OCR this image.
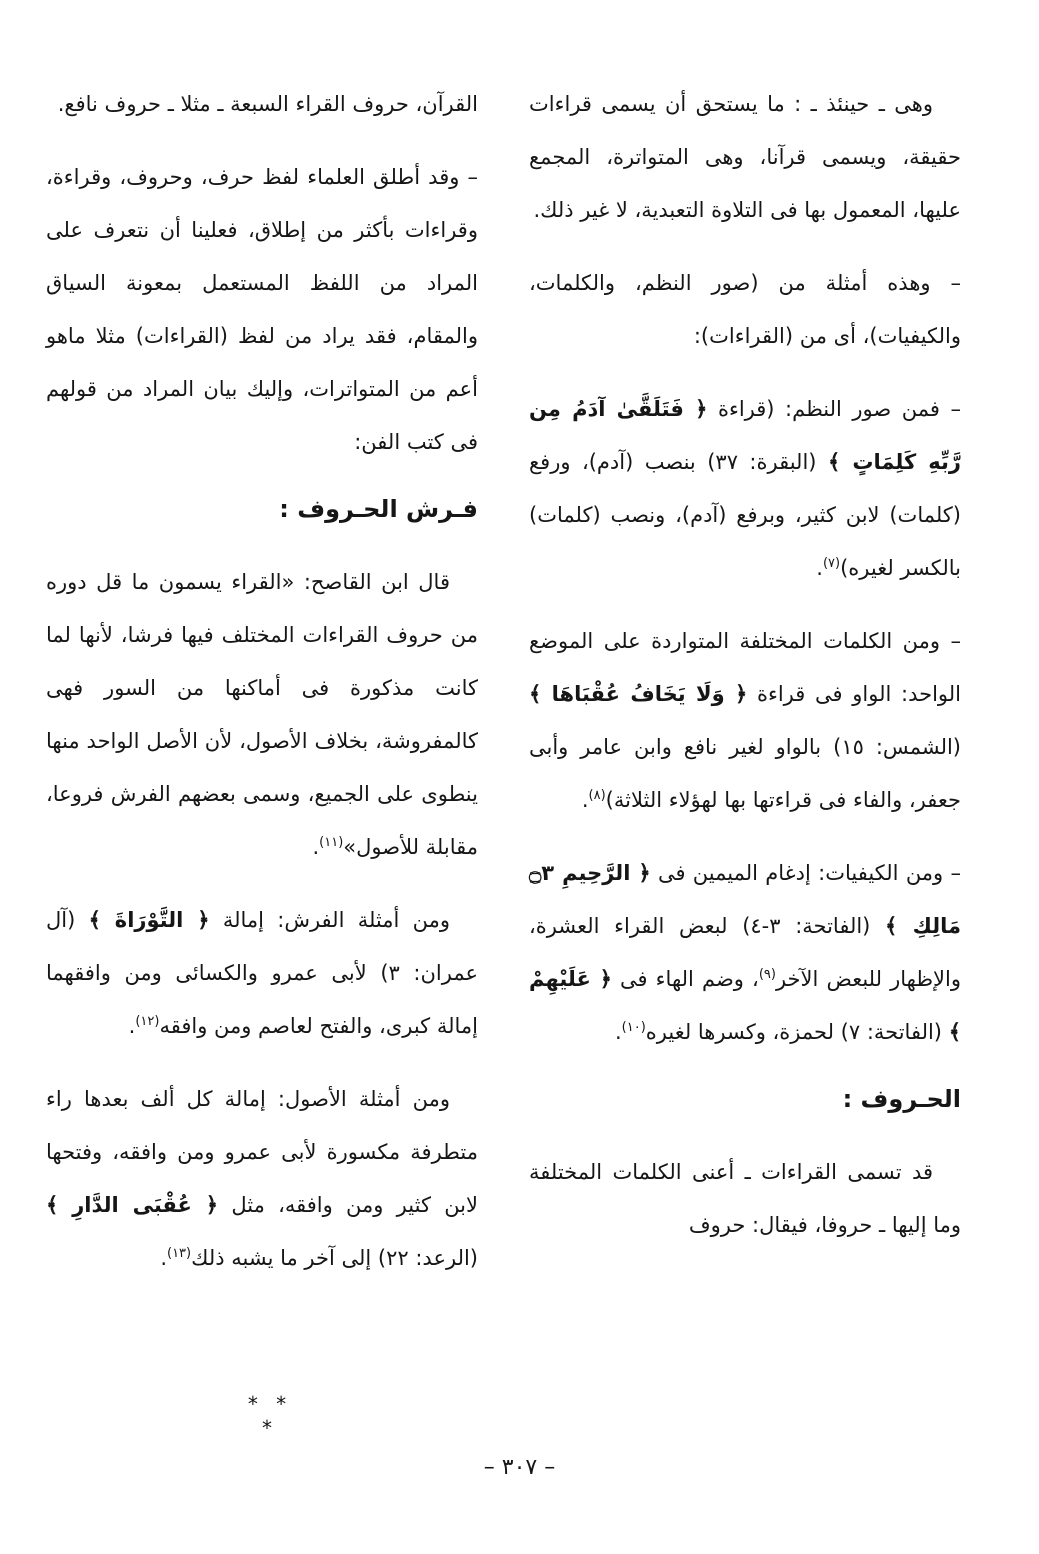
وهى ـ حينئذ ـ : ما يستحق أن يسمى قراءات حقيقة، ويسمى قرآنا، وهى المتواترة، المجمع عليها، المعمول بها فى التلاوة التعبدية، لا غير ذلك.

– وهذه أمثلة من (صور النظم، والكلمات، والكيفيات)، أى من (القراءات):

– فمن صور النظم: (قراءة ﴿ فَتَلَقَّىٰ آدَمُ مِن رَّبِّهِ كَلِمَاتٍ ﴾ (البقرة: ٣٧) بنصب (آدم)، ورفع (كلمات) لابن كثير، وبرفع (آدم)، ونصب (كلمات) بالكسر لغيره)$^{(٧)}$.

– ومن الكلمات المختلفة المتواردة على الموضع الواحد: الواو فى قراءة ﴿ وَلَا يَخَافُ عُقْبَاهَا ﴾ (الشمس: ١٥) بالواو لغير نافع وابن عامر وأبى جعفر، والفاء فى قراءتها بها لهؤلاء الثلاثة)$^{(٨)}$.

– ومن الكيفيات: إدغام الميمين فى ﴿ الرَّحِيمِ ۝٣ مَالِكِ ﴾ (الفاتحة: ٣-٤) لبعض القراء العشرة، والإظهار للبعض الآخر$^{(٩)}$، وضم الهاء فى ﴿ عَلَيْهِمْ ﴾ (الفاتحة: ٧) لحمزة، وكسرها لغيره$^{(١٠)}$.

الحـروف :

قد تسمى القراءات ـ أعنى الكلمات المختلفة وما إليها ـ حروفا، فيقال: حروف

القرآن، حروف القراء السبعة ـ مثلا ـ حروف نافع.

– وقد أطلق العلماء لفظ حرف، وحروف، وقراءة، وقراءات بأكثر من إطلاق، فعلينا أن نتعرف على المراد من اللفظ المستعمل بمعونة السياق والمقام، فقد يراد من لفظ (القراءات) مثلا ماهو أعم من المتواترات، وإليك بيان المراد من قولهم فى كتب الفن:

فـرش الحـروف :

قال ابن القاصح: «القراء يسمون ما قل دوره من حروف القراءات المختلف فيها فرشا، لأنها لما كانت مذكورة فى أماكنها من السور فهى كالمفروشة، بخلاف الأصول، لأن الأصل الواحد منها ينطوى على الجميع، وسمى بعضهم الفرش فروعا، مقابلة للأصول»$^{(١١)}$.

ومن أمثلة الفرش: إمالة ﴿ التَّوْرَاةَ ﴾ (آل عمران: ٣) لأبى عمرو والكسائى ومن وافقهما إمالة كبرى، والفتح لعاصم ومن وافقه$^{(١٢)}$.

ومن أمثلة الأصول: إمالة كل ألف بعدها راء متطرفة مكسورة لأبى عمرو ومن وافقه، وفتحها لابن كثير ومن وافقه، مثل ﴿ عُقْبَى الدَّارِ ﴾ (الرعد: ٢٢) إلى آخر ما يشبه ذلك$^{(١٣)}$.

* * *
– ٣٠٧ –
